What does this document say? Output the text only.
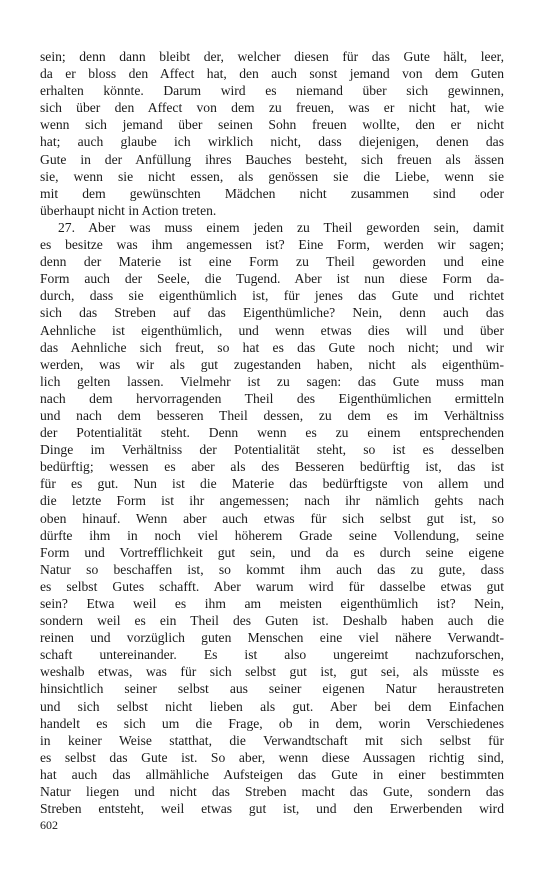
sein; denn dann bleibt der, welcher diesen für das Gute hält, leer,
da er bloss den Affect hat, den auch sonst jemand von dem Guten
erhalten könnte. Darum wird es niemand über sich gewinnen,
sich über den Affect von dem zu freuen, was er nicht hat, wie
wenn sich jemand über seinen Sohn freuen wollte, den er nicht
hat; auch glaube ich wirklich nicht, dass diejenigen, denen das
Gute in der Anfüllung ihres Bauches besteht, sich freuen als ässen
sie, wenn sie nicht essen, als genössen sie die Liebe, wenn sie
mit dem gewünschten Mädchen nicht zusammen sind oder
überhaupt nicht in Action treten.
27. Aber was muss einem jeden zu Theil geworden sein, damit
es besitze was ihm angemessen ist? Eine Form, werden wir sagen;
denn der Materie ist eine Form zu Theil geworden und eine
Form auch der Seele, die Tugend. Aber ist nun diese Form da-
durch, dass sie eigenthümlich ist, für jenes das Gute und richtet
sich das Streben auf das Eigenthümliche? Nein, denn auch das
Aehnliche ist eigenthümlich, und wenn etwas dies will und über
das Aehnliche sich freut, so hat es das Gute noch nicht; und wir
werden, was wir als gut zugestanden haben, nicht als eigenthüm-
lich gelten lassen. Vielmehr ist zu sagen: das Gute muss man
nach dem hervorragenden Theil des Eigenthümlichen ermitteln
und nach dem besseren Theil dessen, zu dem es im Verhältniss
der Potentialität steht. Denn wenn es zu einem entsprechenden
Dinge im Verhältniss der Potentialität steht, so ist es desselben
bedürftig; wessen es aber als des Besseren bedürftig ist, das ist
für es gut. Nun ist die Materie das bedürftigste von allem und
die letzte Form ist ihr angemessen; nach ihr nämlich gehts nach
oben hinauf. Wenn aber auch etwas für sich selbst gut ist, so
dürfte ihm in noch viel höherem Grade seine Vollendung, seine
Form und Vortrefflichkeit gut sein, und da es durch seine eigene
Natur so beschaffen ist, so kommt ihm auch das zu gute, dass
es selbst Gutes schafft. Aber warum wird für dasselbe etwas gut
sein? Etwa weil es ihm am meisten eigenthümlich ist? Nein,
sondern weil es ein Theil des Guten ist. Deshalb haben auch die
reinen und vorzüglich guten Menschen eine viel nähere Verwandt-
schaft untereinander. Es ist also ungereimt nachzuforschen,
weshalb etwas, was für sich selbst gut ist, gut sei, als müsste es
hinsichtlich seiner selbst aus seiner eigenen Natur heraustreten
und sich selbst nicht lieben als gut. Aber bei dem Einfachen
handelt es sich um die Frage, ob in dem, worin Verschiedenes
in keiner Weise statthat, die Verwandtschaft mit sich selbst für
es selbst das Gute ist. So aber, wenn diese Aussagen richtig sind,
hat auch das allmähliche Aufsteigen das Gute in einer bestimmten
Natur liegen und nicht das Streben macht das Gute, sondern das
Streben entsteht, weil etwas gut ist, und den Erwerbenden wird
602
